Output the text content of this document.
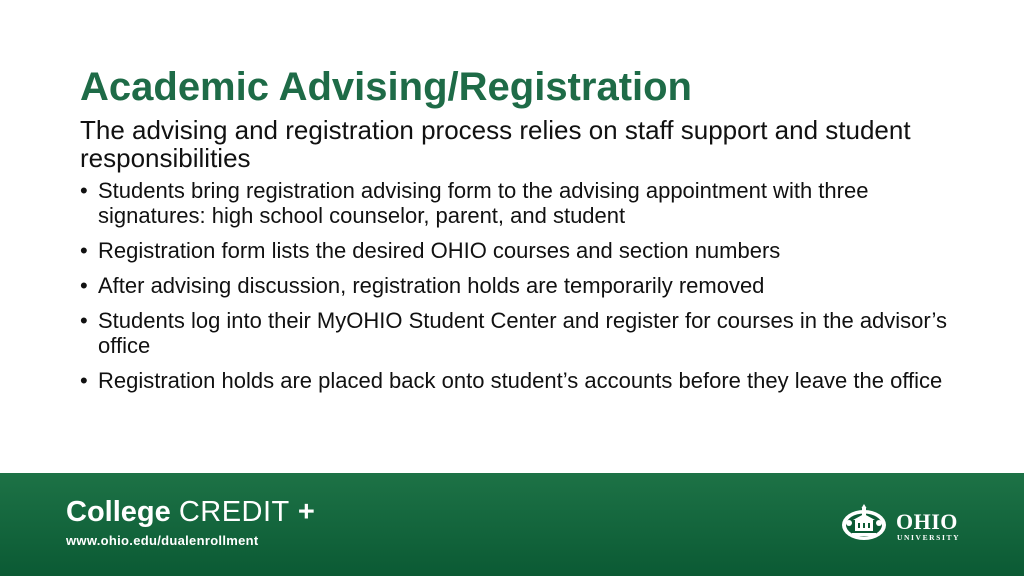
Academic Advising/Registration

The advising and registration process relies on staff support and student responsibilities

• Students bring registration advising form to the advising appointment with three signatures: high school counselor, parent, and student
• Registration form lists the desired OHIO courses and section numbers
• After advising discussion, registration holds are temporarily removed
• Students log into their MyOHIO Student Center and register for courses in the advisor’s office
• Registration holds are placed back onto student’s accounts before they leave the office
College CREDIT +
www.ohio.edu/dualenrollment
OHIO
UNIVERSITY
